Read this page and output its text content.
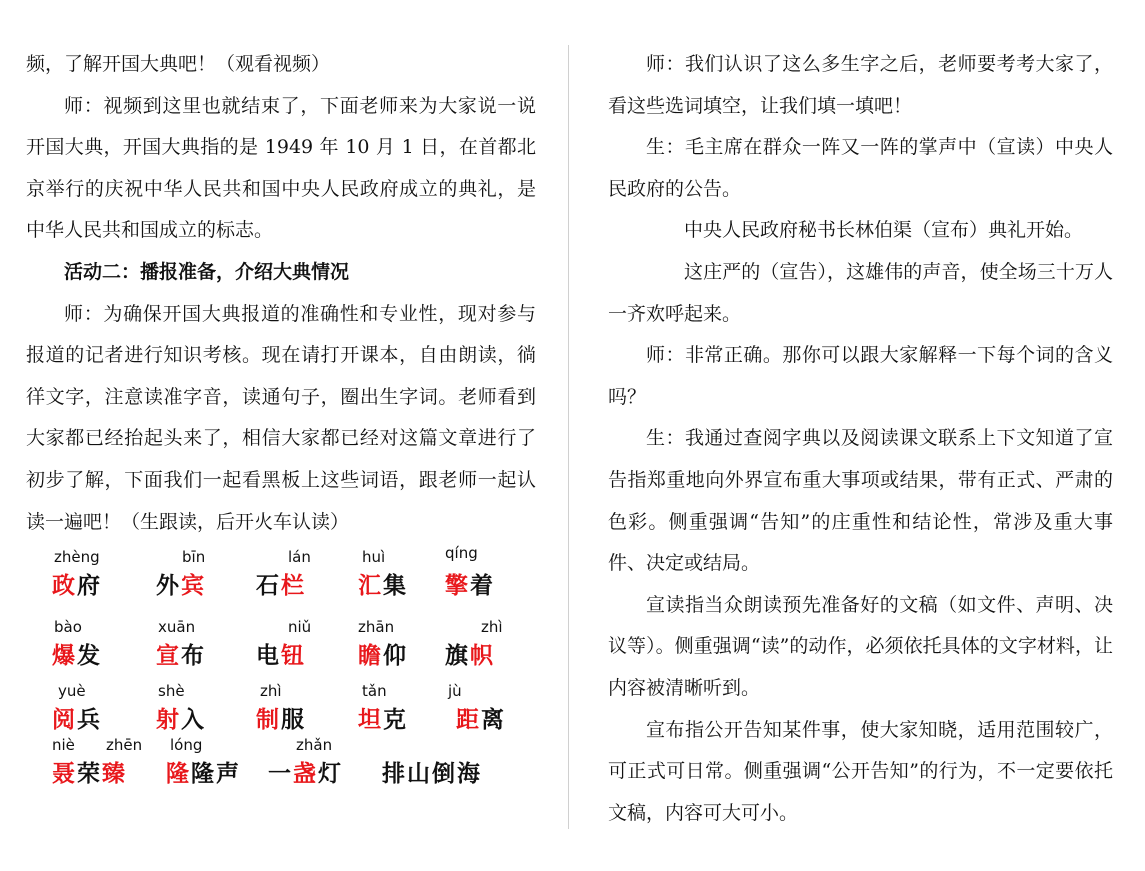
频，了解开国大典吧！（观看视频）

师：视频到这里也就结束了，下面老师来为大家说一说开国大典，开国大典指的是 1949 年 10 月 1 日，在首都北京举行的庆祝中华人民共和国中央人民政府成立的典礼，是中华人民共和国成立的标志。

活动二：播报准备，介绍大典情况

师：为确保开国大典报道的准确性和专业性，现对参与报道的记者进行知识考核。现在请打开课本，自由朗读，徜徉文字，注意读准字音，读通句子，圈出生字词。老师看到大家都已经抬起头来了，相信大家都已经对这篇文章进行了初步了解，下面我们一起看黑板上这些词语，跟老师一起认读一遍吧！（生跟读，后开火车认读）

zhèng
政府
bīn
外宾
lán
石栏
huì
汇集
qíng
擎着
bào
爆发
xuān
宣布
niǔ
电钮
zhān
瞻仰
zhì
旗帜
yuè
阅兵
shè
射入
zhì
制服
tǎn
坦克
jù
距离
niè zhēn
聂荣臻
lóng
隆隆声
zhǎn
一盏灯 排山倒海

师：我们认识了这么多生字之后，老师要考考大家了，看这些选词填空，让我们填一填吧！

生：毛主席在群众一阵又一阵的掌声中（宣读）中央人民政府的公告。

中央人民政府秘书长林伯渠（宣布）典礼开始。

这庄严的（宣告），这雄伟的声音，使全场三十万人一齐欢呼起来。

师：非常正确。那你可以跟大家解释一下每个词的含义吗？

生：我通过查阅字典以及阅读课文联系上下文知道了宣告指郑重地向外界宣布重大事项或结果，带有正式、严肃的色彩。侧重强调“告知”的庄重性和结论性，常涉及重大事件、决定或结局。

宣读指当众朗读预先准备好的文稿（如文件、声明、决议等）。侧重强调“读”的动作，必须依托具体的文字材料，让内容被清晰听到。

宣布指公开告知某件事，使大家知晓，适用范围较广，可正式可日常。侧重强调“公开告知”的行为，不一定要依托文稿，内容可大可小。
